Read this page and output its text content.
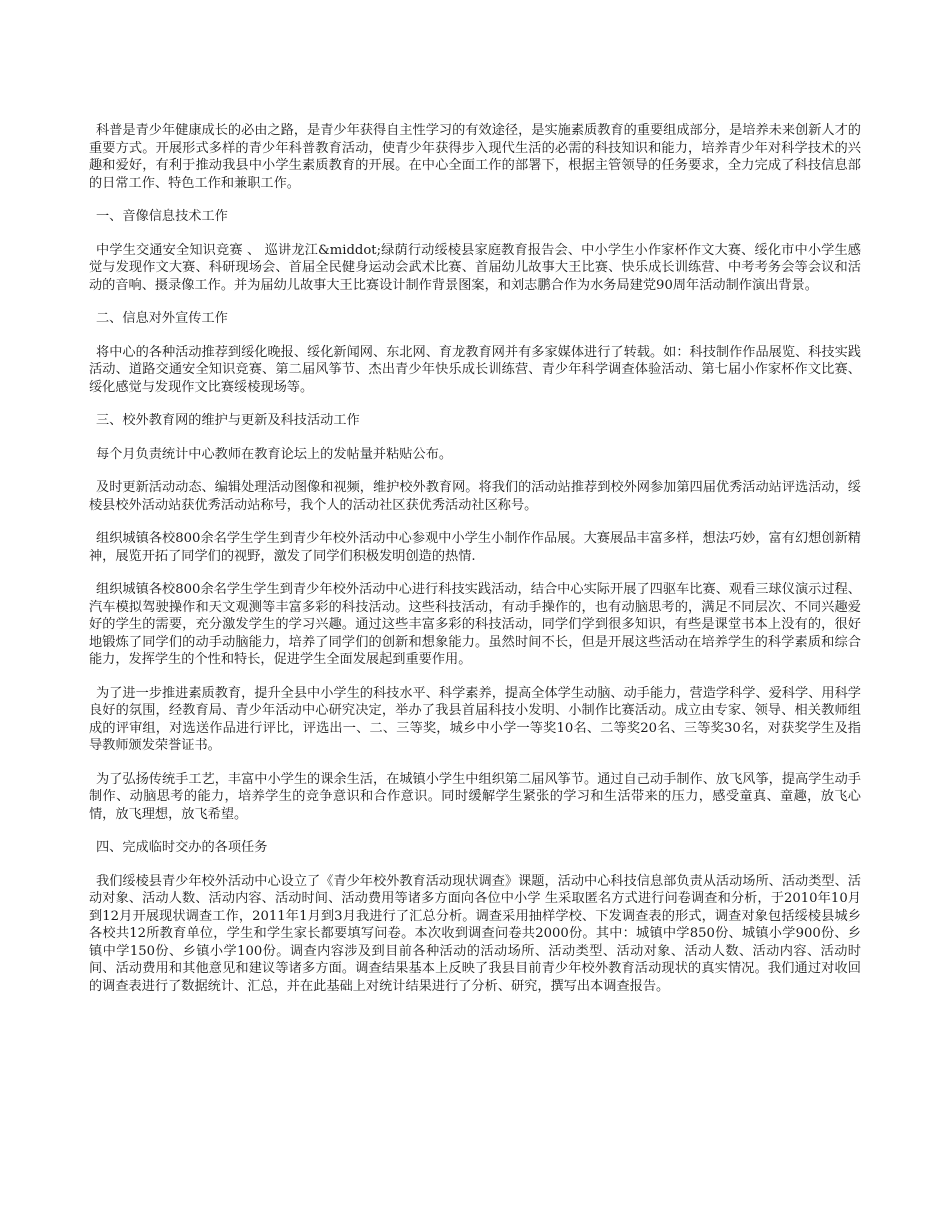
科普是青少年健康成长的必由之路，是青少年获得自主性学习的有效途径，是实施素质教育的重要组成部分，是培养未来创新人才的重要方式。开展形式多样的青少年科普教育活动，使青少年获得步入现代生活的必需的科技知识和能力，培养青少年对科学技术的兴趣和爱好，有利于推动我县中小学生素质教育的开展。在中心全面工作的部署下，根据主管领导的任务要求，全力完成了科技信息部的日常工作、特色工作和兼职工作。

一、音像信息技术工作

中学生交通安全知识竞赛 、 巡讲龙江&middot;绿荫行动绥棱县家庭教育报告会、中小学生小作家杯作文大赛、绥化市中小学生感觉与发现作文大赛、科研现场会、首届全民健身运动会武术比赛、首届幼儿故事大王比赛、快乐成长训练营、中考考务会等会议和活动的音响、摄录像工作。并为届幼儿故事大王比赛设计制作背景图案，和刘志鹏合作为水务局建党90周年活动制作演出背景。

二、信息对外宣传工作

将中心的各种活动推荐到绥化晚报、绥化新闻网、东北网、育龙教育网并有多家媒体进行了转载。如：科技制作作品展览、科技实践活动、道路交通安全知识竞赛、第二届风筝节、杰出青少年快乐成长训练营、青少年科学调查体验活动、第七届小作家杯作文比赛、绥化感觉与发现作文比赛绥棱现场等。

三、校外教育网的维护与更新及科技活动工作

每个月负责统计中心教师在教育论坛上的发帖量并粘贴公布。

及时更新活动动态、编辑处理活动图像和视频，维护校外教育网。将我们的活动站推荐到校外网参加第四届优秀活动站评选活动，绥棱县校外活动站获优秀活动站称号，我个人的活动社区获优秀活动社区称号。

组织城镇各校800余名学生学生到青少年校外活动中心参观中小学生小制作作品展。大赛展品丰富多样，想法巧妙，富有幻想创新精神，展览开拓了同学们的视野，激发了同学们积极发明创造的热情.

组织城镇各校800余名学生学生到青少年校外活动中心进行科技实践活动，结合中心实际开展了四驱车比赛、观看三球仪演示过程、汽车模拟驾驶操作和天文观测等丰富多彩的科技活动。这些科技活动，有动手操作的，也有动脑思考的，满足不同层次、不同兴趣爱好的学生的需要，充分激发学生的学习兴趣。通过这些丰富多彩的科技活动，同学们学到很多知识，有些是课堂书本上没有的，很好地锻炼了同学们的动手动脑能力，培养了同学们的创新和想象能力。虽然时间不长，但是开展这些活动在培养学生的科学素质和综合能力，发挥学生的个性和特长，促进学生全面发展起到重要作用。

为了进一步推进素质教育，提升全县中小学生的科技水平、科学素养，提高全体学生动脑、动手能力，营造学科学、爱科学、用科学良好的氛围，经教育局、青少年活动中心研究决定，举办了我县首届科技小发明、小制作比赛活动。成立由专家、领导、相关教师组成的评审组，对选送作品进行评比，评选出一、二、三等奖，城乡中小学一等奖10名、二等奖20名、三等奖30名，对获奖学生及指导教师颁发荣誉证书。

为了弘扬传统手工艺，丰富中小学生的课余生活，在城镇小学生中组织第二届风筝节。通过自己动手制作、放飞风筝，提高学生动手制作、动脑思考的能力，培养学生的竞争意识和合作意识。同时缓解学生紧张的学习和生活带来的压力，感受童真、童趣，放飞心情，放飞理想，放飞希望。

四、完成临时交办的各项任务

我们绥棱县青少年校外活动中心设立了《青少年校外教育活动现状调查》课题，活动中心科技信息部负责从活动场所、活动类型、活动对象、活动人数、活动内容、活动时间、活动费用等诸多方面向各位中小学 生采取匿名方式进行问卷调查和分析，于2010年10月到12月开展现状调查工作，2011年1月到3月我进行了汇总分析。调查采用抽样学校、下发调查表的形式，调查对象包括绥棱县城乡各校共12所教育单位，学生和学生家长都要填写问卷。本次收到调查问卷共2000份。其中：城镇中学850份、城镇小学900份、乡镇中学150份、乡镇小学100份。调查内容涉及到目前各种活动的活动场所、活动类型、活动对象、活动人数、活动内容、活动时间、活动费用和其他意见和建议等诸多方面。调查结果基本上反映了我县目前青少年校外教育活动现状的真实情况。我们通过对收回的调查表进行了数据统计、汇总，并在此基础上对统计结果进行了分析、研究，撰写出本调查报告。
